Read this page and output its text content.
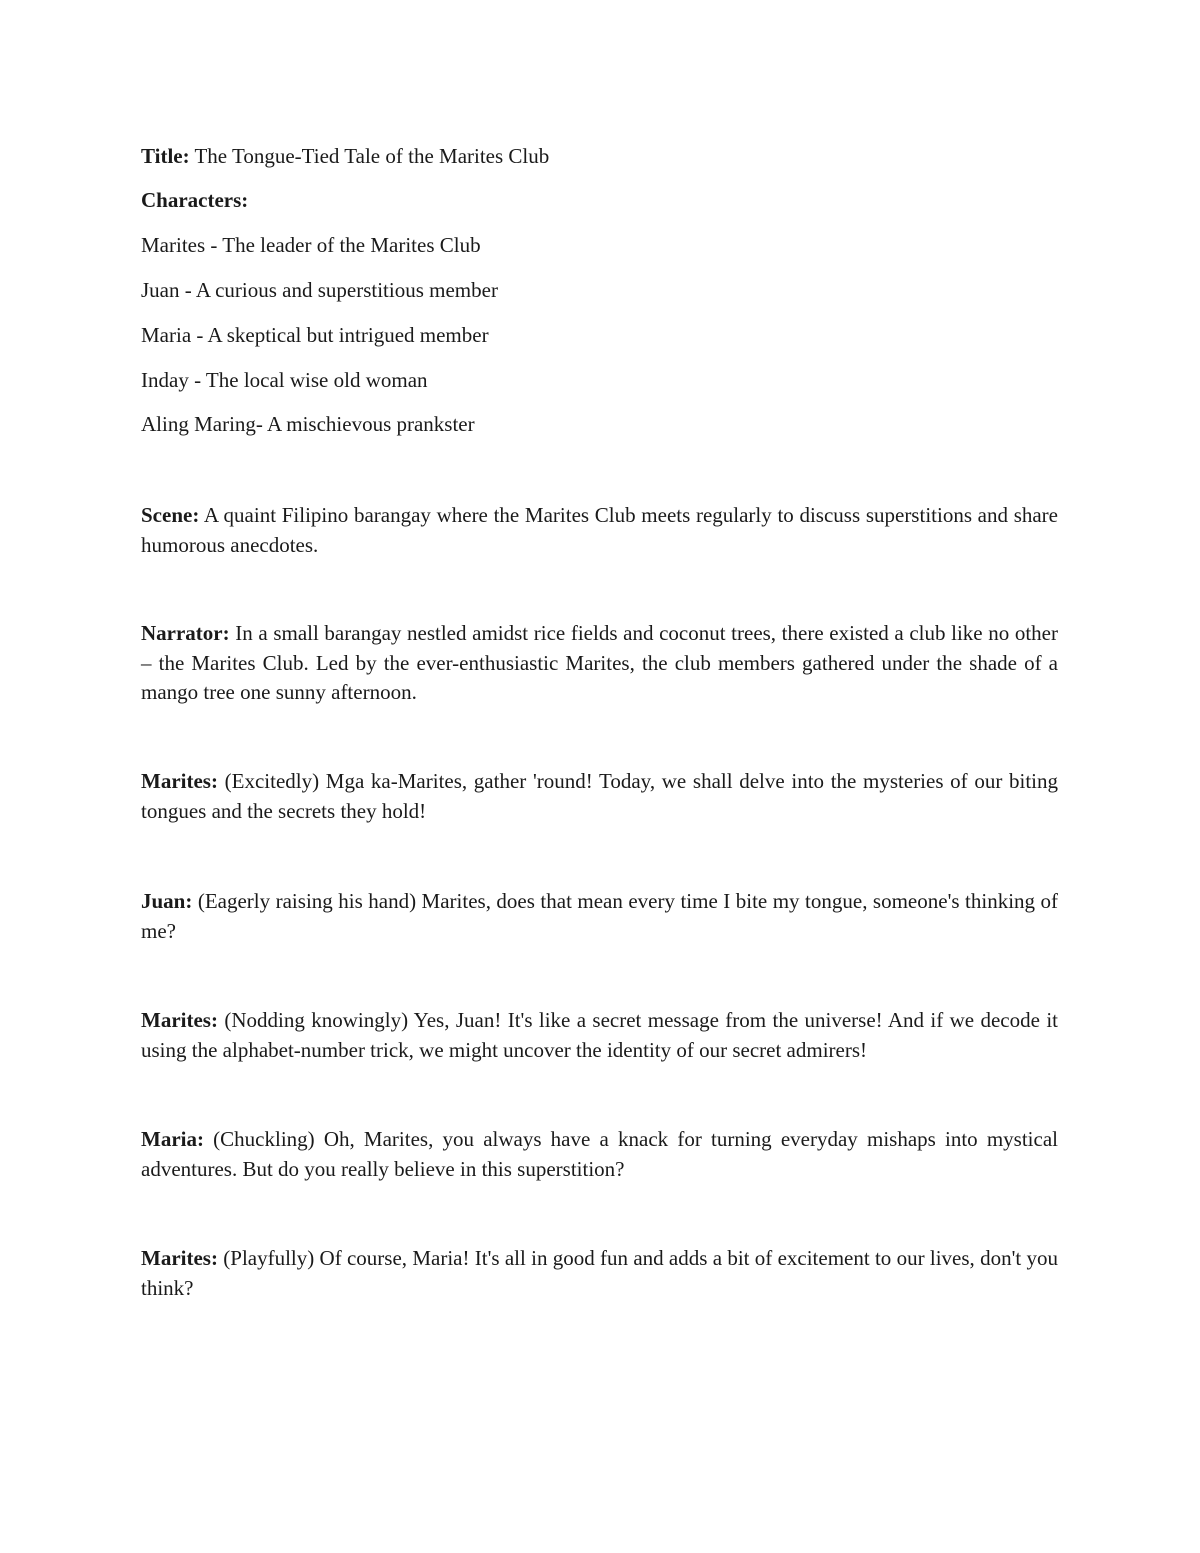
Title: The Tongue-Tied Tale of the Marites Club

Characters:

Marites - The leader of the Marites Club

Juan - A curious and superstitious member

Maria - A skeptical but intrigued member

Inday - The local wise old woman

Aling Maring- A mischievous prankster

Scene: A quaint Filipino barangay where the Marites Club meets regularly to discuss superstitions and share humorous anecdotes.

Narrator: In a small barangay nestled amidst rice fields and coconut trees, there existed a club like no other – the Marites Club. Led by the ever-enthusiastic Marites, the club members gathered under the shade of a mango tree one sunny afternoon.

Marites: (Excitedly) Mga ka-Marites, gather 'round! Today, we shall delve into the mysteries of our biting tongues and the secrets they hold!

Juan: (Eagerly raising his hand) Marites, does that mean every time I bite my tongue, someone's thinking of me?

Marites: (Nodding knowingly) Yes, Juan! It's like a secret message from the universe! And if we decode it using the alphabet-number trick, we might uncover the identity of our secret admirers!

Maria: (Chuckling) Oh, Marites, you always have a knack for turning everyday mishaps into mystical adventures. But do you really believe in this superstition?

Marites: (Playfully) Of course, Maria! It's all in good fun and adds a bit of excitement to our lives, don't you think?
